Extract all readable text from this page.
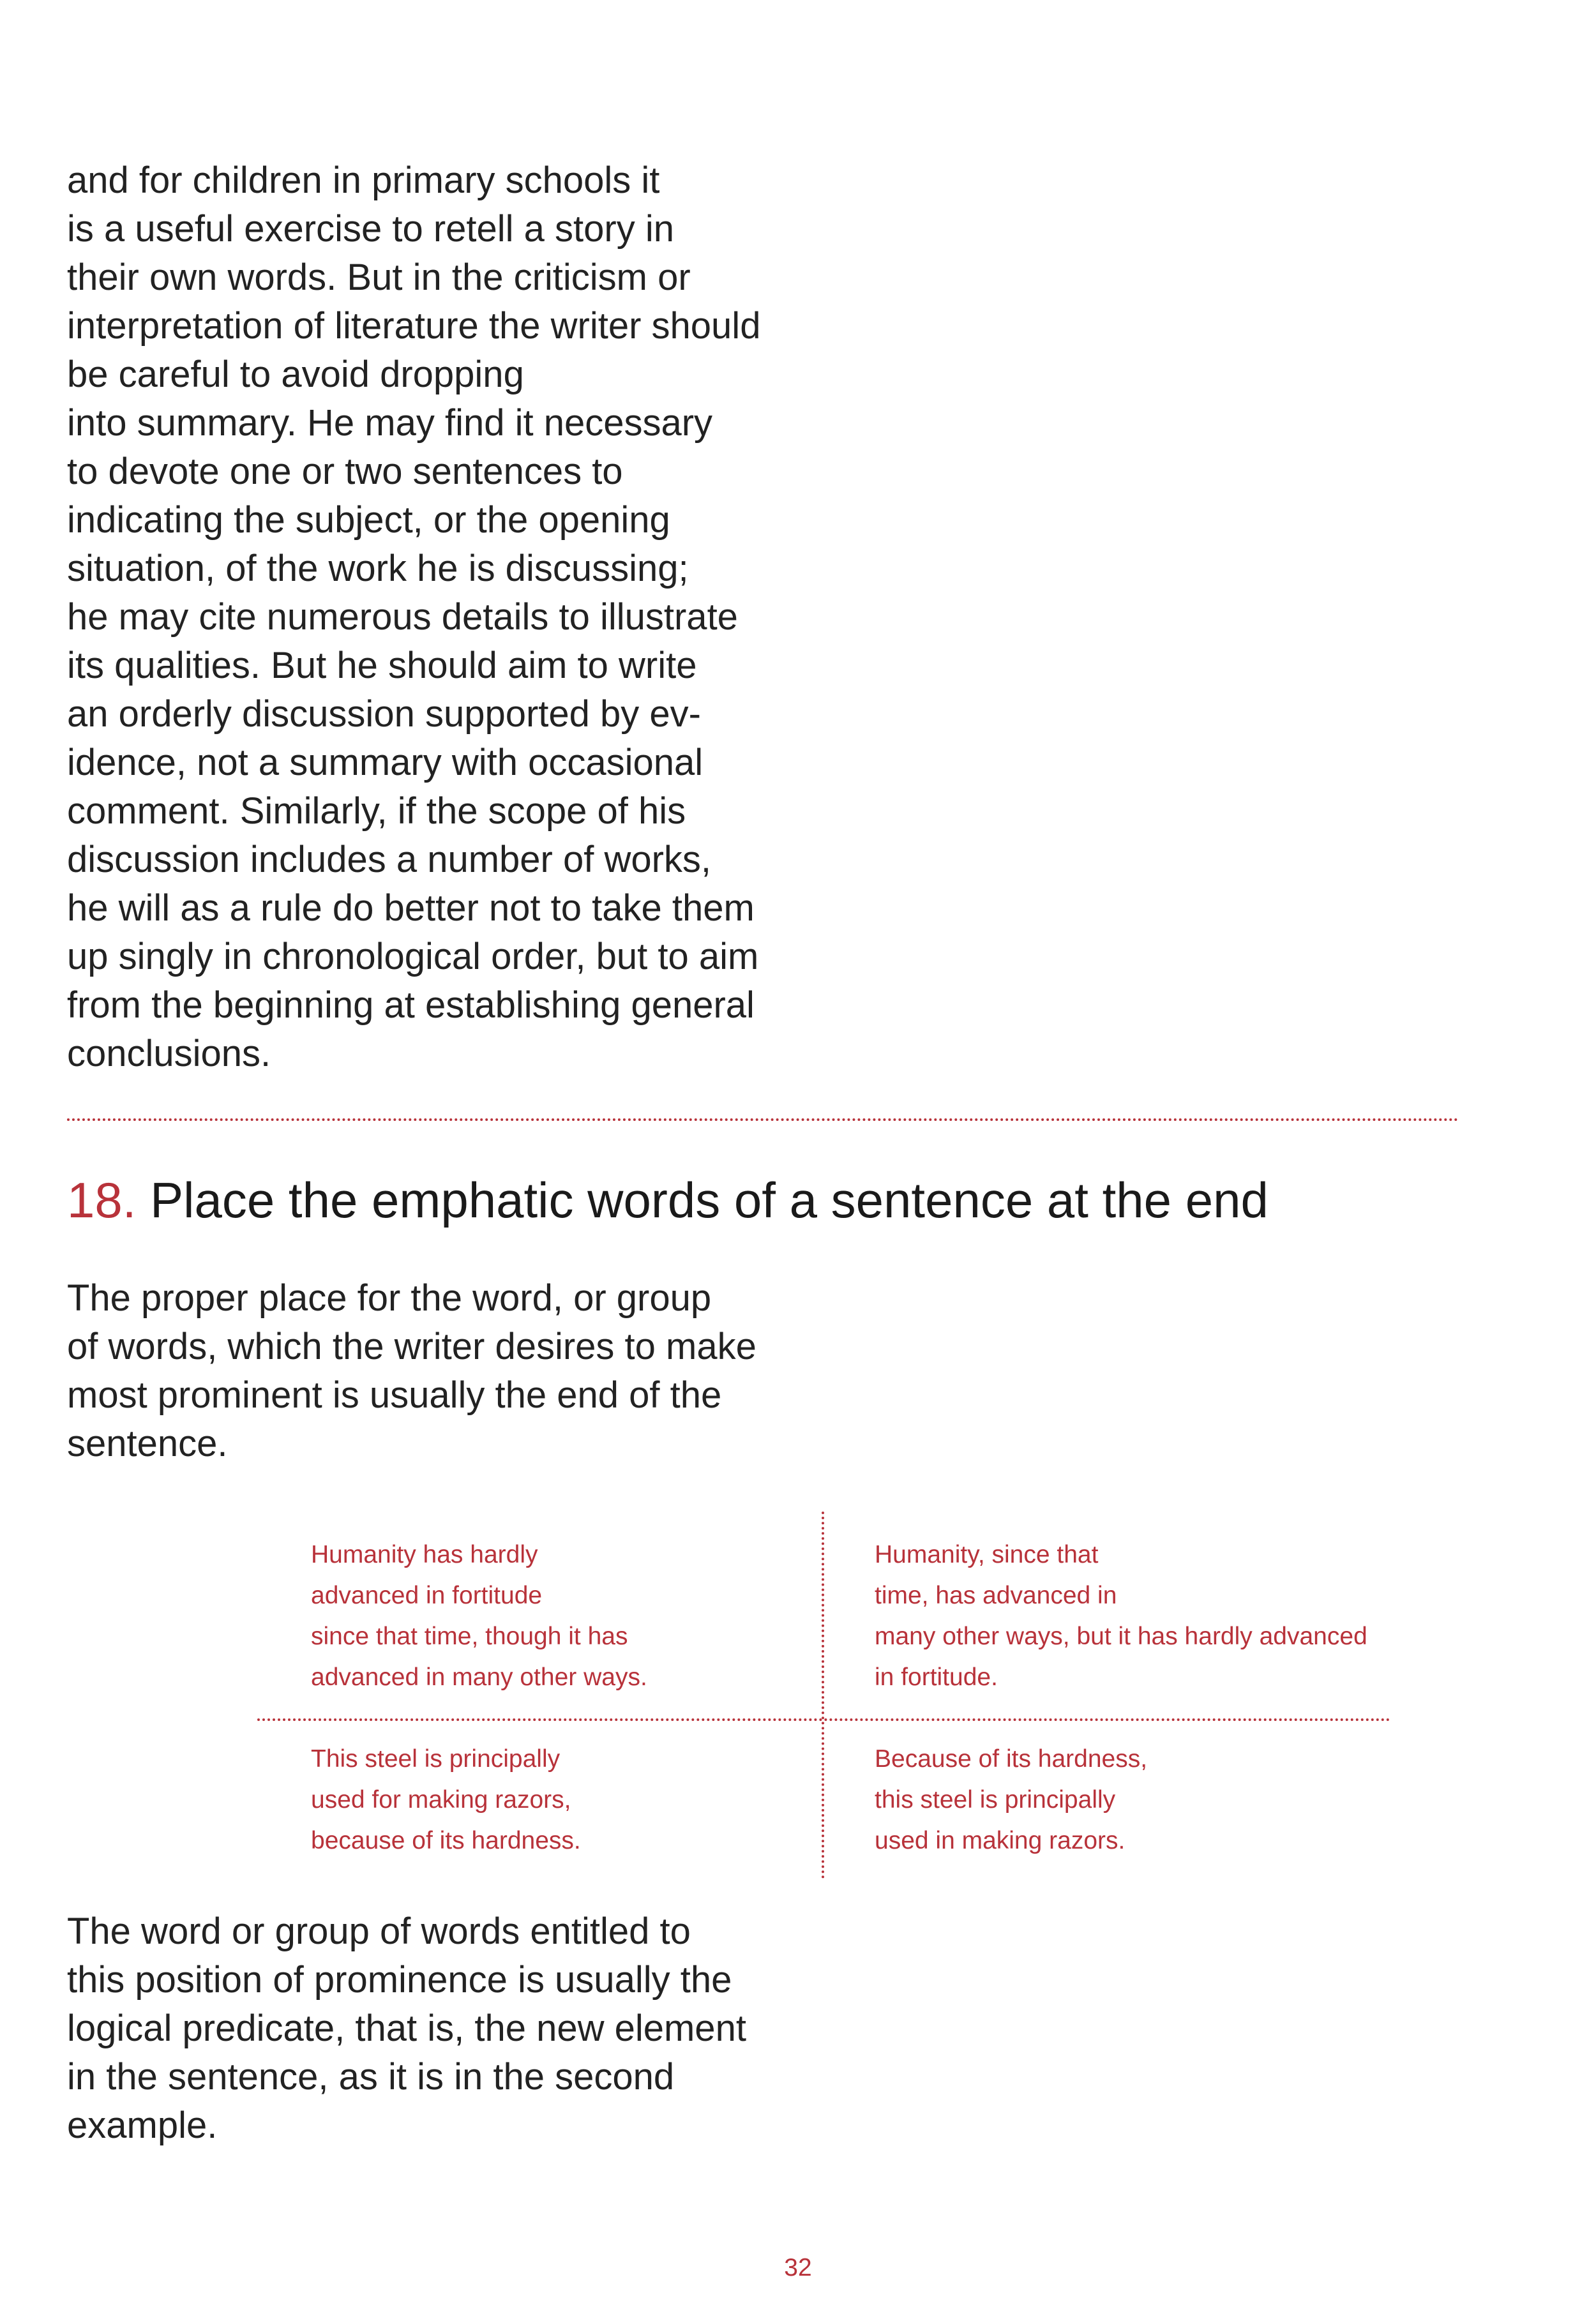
and for children in primary schools it

is a useful exercise to retell a story in

their own words. But in the criticism or

interpretation of literature the writer should

be careful to avoid dropping

into summary. He may find it necessary

to devote one or two sentences to

indicating the subject, or the opening

situation, of the work he is discussing;

he may cite numerous details to illustrate

its qualities. But he should aim to write

an orderly discussion supported by ev-

idence, not a summary with occasional

comment. Similarly, if the scope of his

discussion includes a number of works,

he will as a rule do better not to take them

up singly in chronological order, but to aim

from the beginning at establishing general

conclusions.

18. Place the emphatic words of a sentence at the end

The proper place for the word, or group

of words, which the writer desires to make

most prominent is usually the end of the

sentence.

Humanity has hardly

advanced in fortitude

since that time, though it has

advanced in many other ways.

Humanity, since that

time, has advanced in

many other ways, but it has hardly advanced

in fortitude.

This steel is principally

used for making razors,

because of its hardness.

Because of its hardness,

this steel is principally

used in making razors.

The word or group of words entitled to

this position of prominence is usually the

logical predicate, that is, the new element

in the sentence, as it is in the second

example.

32
